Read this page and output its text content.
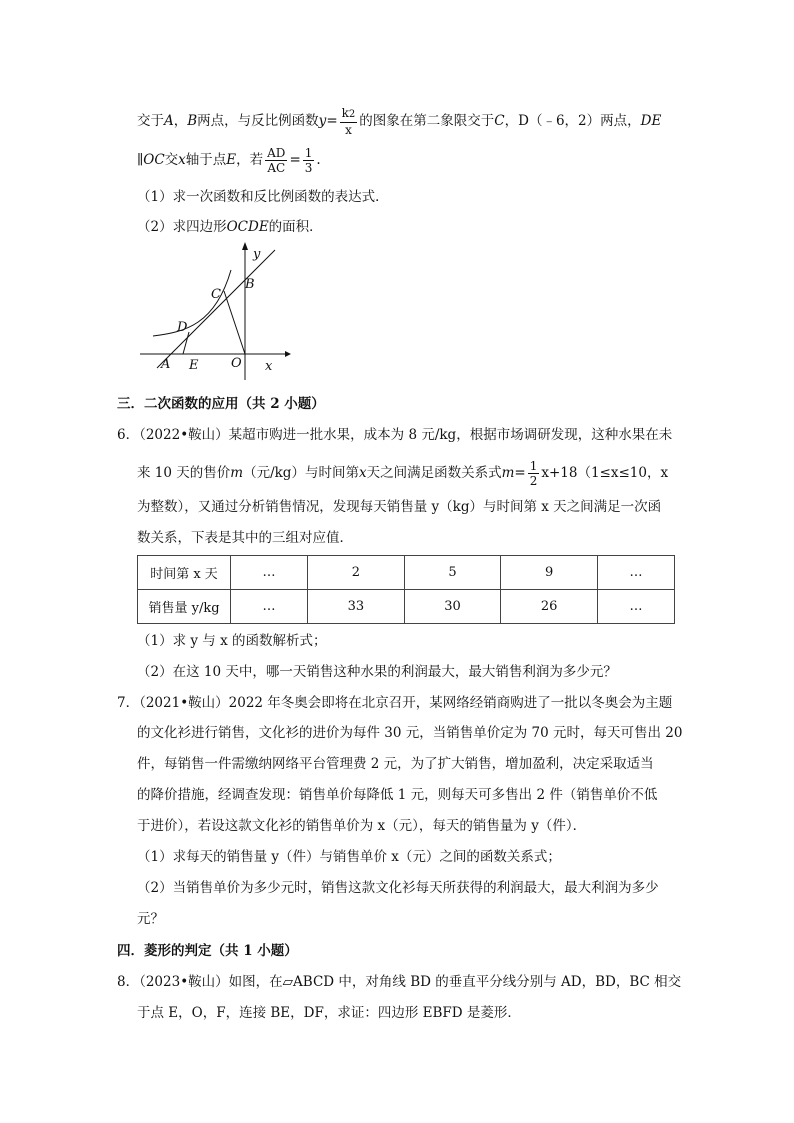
交于A，B两点，与反比例函数$y= \frac{k2}{x}$ 的图象在第二象限交于C，D（﹣6，2）两点，DE
∥OC交x轴于点E，若 $\frac{AD}{AC} = \frac{1}{3}$ .
（1）求一次函数和反比例函数的表达式．
（2）求四边形OCDE的面积．
y
B
C
D
A E	O x
三．二次函数的应用（共 2 小题）
6．（2022•鞍山）某超市购进一批水果，成本为 8 元/kg，根据市场调研发现，这种水果在未
来 10 天的售价m（元/kg）与时间第x天之间满足函数关系式$m= \frac{1}{2} x+18(1\le x\le 10$，x
为整数），又通过分析销售情况，发现每天销售量 y（kg）与时间第 x 天之间满足一次函
数关系，下表是其中的三组对应值．
时间第 x 天	…	2	5	9	…
销售量 y/kg	…	33	30	26	…
（1）求 y 与 x 的函数解析式；
（2）在这 10 天中，哪一天销售这种水果的利润最大，最大销售利润为多少元？
7．（2021•鞍山）2022 年冬奥会即将在北京召开，某网络经销商购进了一批以冬奥会为主题
的文化衫进行销售，文化衫的进价为每件 30 元，当销售单价定为 70 元时，每天可售出 20
件，每销售一件需缴纳网络平台管理费 2 元，为了扩大销售，增加盈利，决定采取适当
的降价措施，经调查发现：销售单价每降低 1 元，则每天可多售出 2 件（销售单价不低
于进价），若设这款文化衫的销售单价为 x（元），每天的销售量为 y（件）．
（1）求每天的销售量 y（件）与销售单价 x（元）之间的函数关系式；
（2）当销售单价为多少元时，销售这款文化衫每天所获得的利润最大，最大利润为多少
元？
四．菱形的判定（共 1 小题）
8．（2023•鞍山）如图，在▱ABCD 中，对角线 BD 的垂直平分线分别与 AD，BD，BC 相交
于点 E，O，F，连接 BE，DF，求证：四边形 EBFD 是菱形．
